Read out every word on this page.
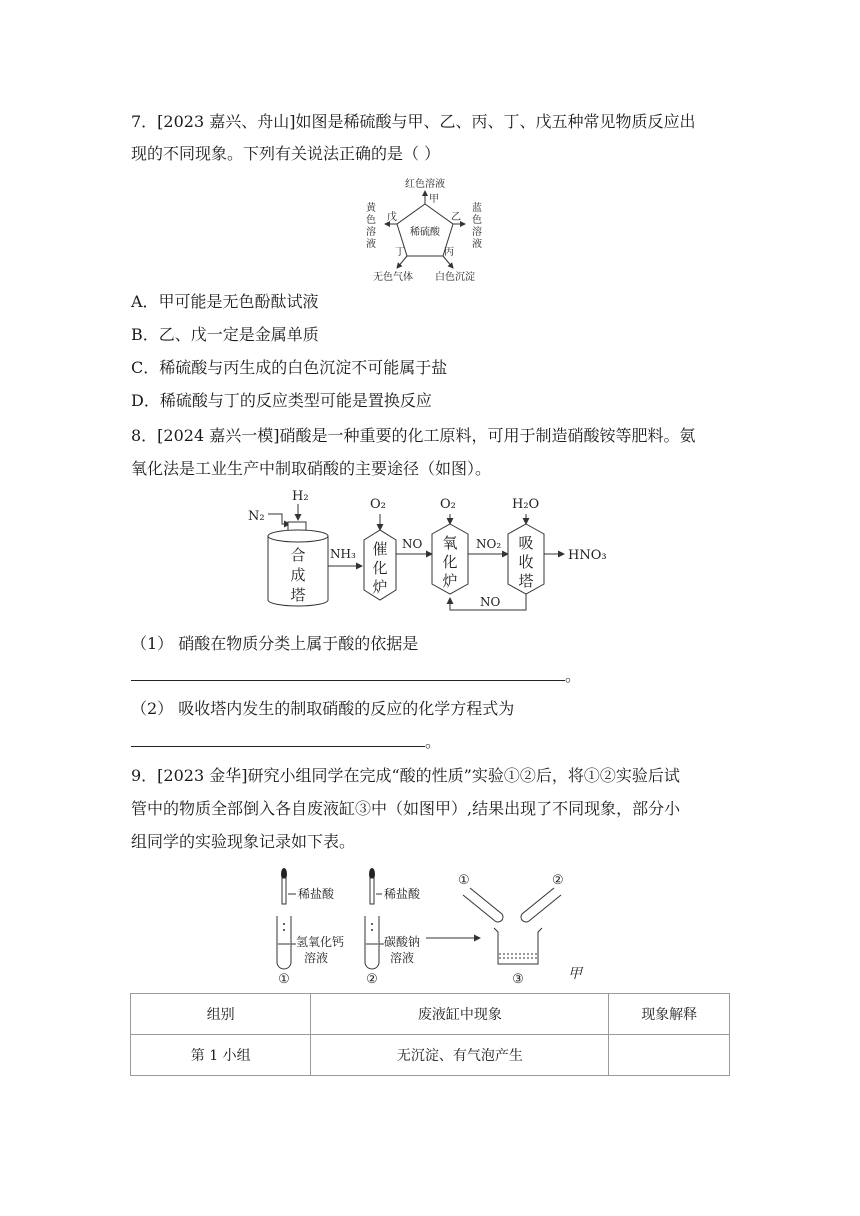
7．[2023 嘉兴、舟山]如图是稀硫酸与甲、乙、丙、丁、戊五种常见物质反应出
现的不同现象。下列有关说法正确的是（ ）
稀硫酸
红色溶液
甲
戊
黄
色
溶
液
乙
蓝
色
溶
液
丁
无色气体
丙
白色沉淀
A．甲可能是无色酚酞试液
B．乙、戊一定是金属单质
C．稀硫酸与丙生成的白色沉淀不可能属于盐
D．稀硫酸与丁的反应类型可能是置换反应
8．[2024 嘉兴一模]硝酸是一种重要的化工原料，可用于制造硝酸铵等肥料。氨
氧化法是工业生产中制取硝酸的主要途径（如图）。
N₂
H₂
合
成
塔
NH₃
O₂
催
化
炉
NO
O₂
氧
化
炉
NO₂
H₂O
吸
收
塔
HNO₃
NO
（1） 硝酸在物质分类上属于酸的依据是
。
（2） 吸收塔内发生的制取硝酸的反应的化学方程式为
。
9．[2023 金华]研究小组同学在完成“酸的性质”实验①②后，将①②实验后试
管中的物质全部倒入各自废液缸③中（如图甲）,结果出现了不同现象，部分小
组同学的实验现象记录如下表。
稀盐酸
氢氧化钙
溶液
①
稀盐酸
碳酸钠
溶液
②
①	②
③	甲
组别	废液缸中现象	现象解释
第 1 小组	无沉淀、有气泡产生	
